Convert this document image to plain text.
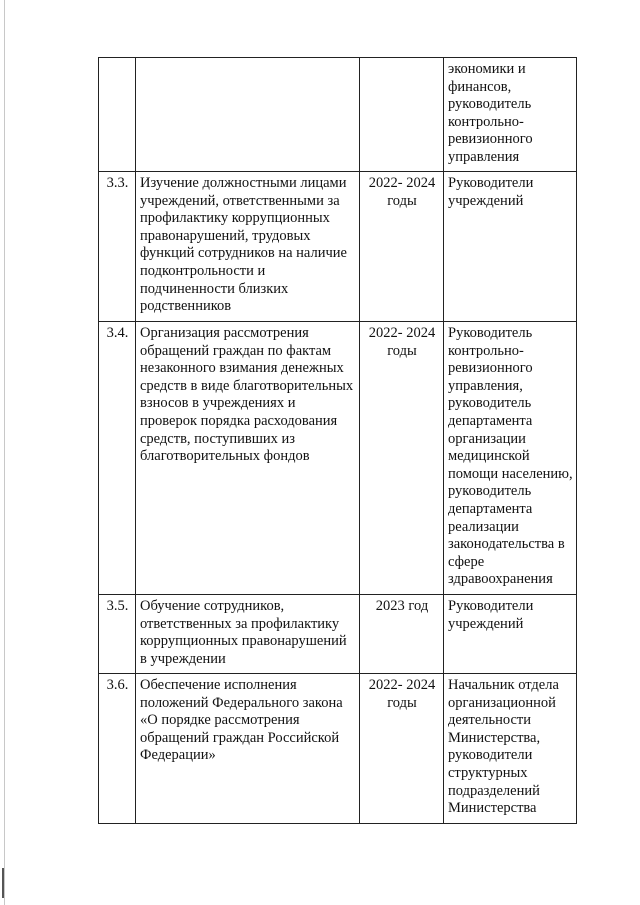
			экономики и финансов, руководитель контрольно-ревизионного управления
3.3.	Изучение должностными лицами учреждений, ответственными за профилактику коррупционных правонарушений, трудовых функций сотрудников на наличие подконтрольности и подчиненности близких родственников	2022- 2024 годы	Руководители учреждений
3.4.	Организация рассмотрения обращений граждан по фактам незаконного взимания денежных средств в виде благотворительных взносов в учреждениях и проверок порядка расходования средств, поступивших из благотворительных фондов	2022- 2024 годы	Руководитель контрольно-ревизионного управления, руководитель департамента организации медицинской помощи населению, руководитель департамента реализации законодательства в сфере здравоохранения
3.5.	Обучение сотрудников, ответственных за профилактику коррупционных правонарушений в учреждении	2023 год	Руководители учреждений
3.6.	Обеспечение исполнения положений Федерального закона «О порядке рассмотрения обращений граждан Российской Федерации»	2022- 2024 годы	Начальник отдела организационной деятельности Министерства, руководители структурных подразделений Министерства
